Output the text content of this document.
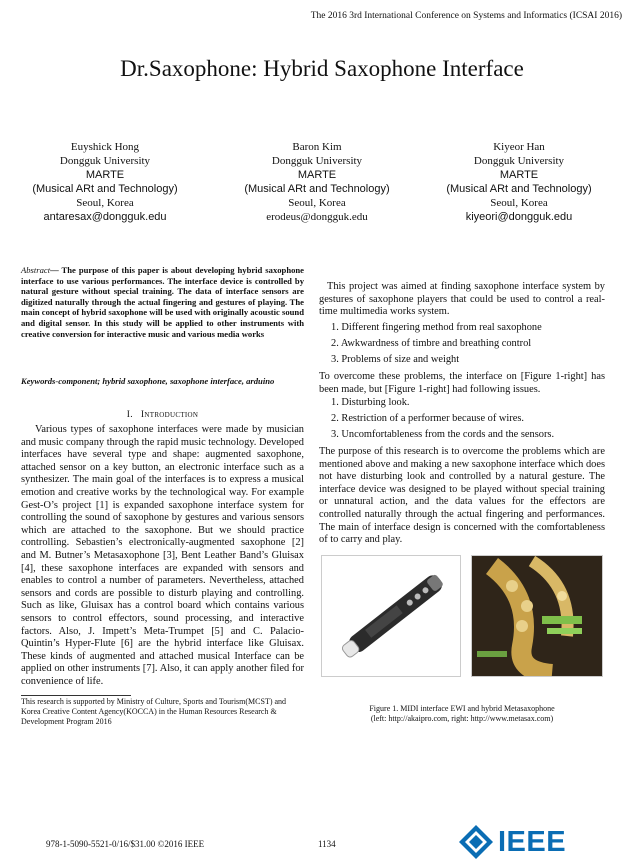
The 2016 3rd International Conference on Systems and Informatics (ICSAI 2016)
Dr.Saxophone: Hybrid Saxophone Interface
Euyshick Hong
Dongguk University
MARTE
(Musical ARt and Technology)
Seoul, Korea
antaresax@dongguk.edu
Baron Kim
Dongguk University
MARTE
(Musical ARt and Technology)
Seoul, Korea
erodeus@dongguk.edu
Kiyeor Han
Dongguk University
MARTE
(Musical ARt and Technology)
Seoul, Korea
kiyeori@dongguk.edu
Abstract— The purpose of this paper is about developing hybrid saxophone interface to use various performances. The interface device is controlled by natural gesture without special training. The data of interface sensors are digitized naturally through the actual fingering and gestures of playing. The main concept of hybrid saxophone will be used with originally acoustic sound and digital sensor. In this study will be applied to other instruments with creative conversion for interactive music and various media works
Keywords-component; hybrid saxophone, saxophone interface, arduino
I. Introduction
Various types of saxophone interfaces were made by musician and music company through the rapid music technology. Developed interfaces have several type and shape: augmented saxophone, attached sensor on a key button, an electronic interface such as a synthesizer. The main goal of the interfaces is to express a musical emotion and creative works by the technological way. For example Gest-O’s project [1] is expanded saxophone interface system for controlling the sound of saxophone by gestures and various sensors which are attached to the saxophone. But we should practice controlling. Sebastien’s electronically-augmented saxophone [2] and M. Butner’s Metasaxophone [3], Bent Leather Band’s Gluisax [4], these saxophone interfaces are expanded with sensors and enables to control a number of parameters. Nevertheless, attached sensors and cords are possible to disturb playing and controlling. Such as like, Gluisax has a control board which contains various sensors to control effectors, sound processing, and interactive factors. Also, J. Impett’s Meta-Trumpet [5] and C. Palacio-Quintin’s Hyper-Flute [6] are the hybrid interface like Gluisax. These kinds of augmented and attached musical Interface can be applied on other instruments [7]. Also, it can apply another filed for convenience of life.
This research is supported by Ministry of Culture, Sports and Tourism(MCST) and Korea Creative Content Agency(KOCCA) in the Human Resources Research & Development Program 2016
This project was aimed at finding saxophone interface system by gestures of saxophone players that could be used to control a real- time multimedia works system.
1. Different fingering method from real saxophone
2. Awkwardness of timbre and breathing control
3. Problems of size and weight
To overcome these problems, the interface on [Figure 1-right] has been made, but [Figure 1-right] had following issues.
1. Disturbing look.
2. Restriction of a performer because of wires.
3. Uncomfortableness from the cords and the sensors.
The purpose of this research is to overcome the problems which are mentioned above and making a new saxophone interface which does not have disturbing look and controlled by a natural gesture. The interface device was designed to be played without special training or unnatural action, and the data values for the effectors are controlled naturally through the actual fingering and performances. The main of interface design is concerned with the comfortableness of to carry and play.
Figure 1. MIDI interface EWI and hybrid Metasaxophone
(left: http://akaipro.com, right: http://www.metasax.com)
978-1-5090-5521-0/16/$31.00 ©2016 IEEE	1134	IEEE
